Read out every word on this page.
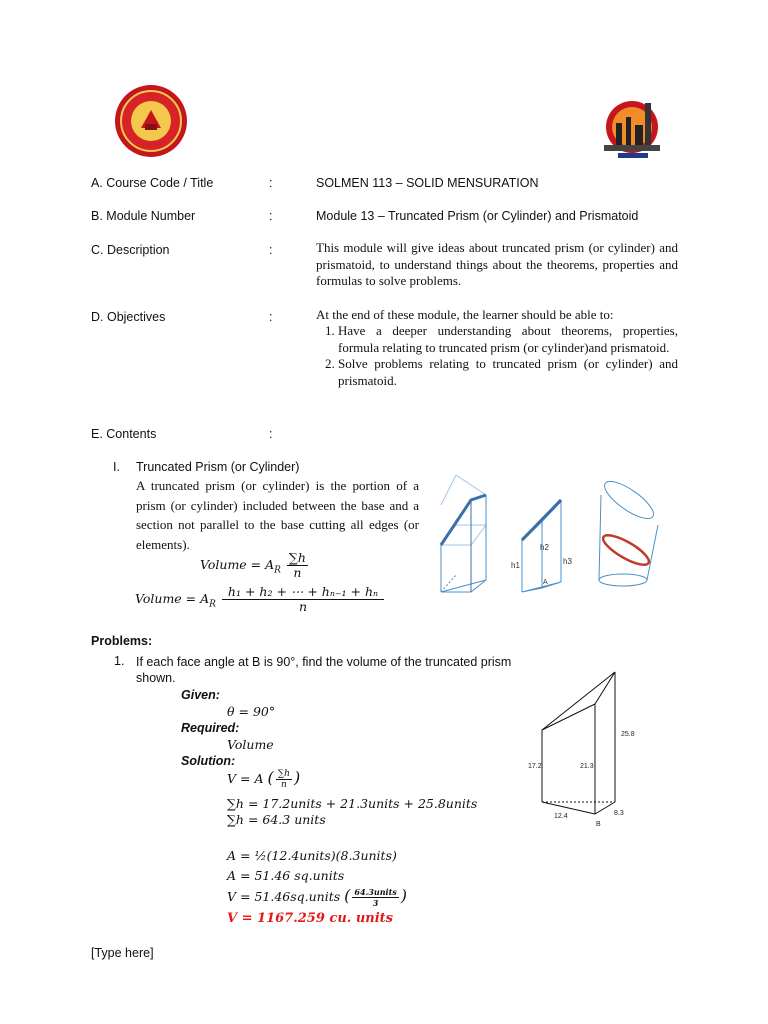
A. Course Code / Title	:	SOLMEN 113 – SOLID MENSURATION
B. Module Number	:	Module 13 – Truncated Prism (or Cylinder) and Prismatoid
C. Description	:	This module will give ideas about truncated prism (or cylinder) and prismatoid, to understand things about the theorems, properties and formulas to solve problems.
D. Objectives	:	At the end of these module, the learner should be able to:
1. Have a deeper understanding about theorems, properties, formula relating to truncated prism (or cylinder)and prismatoid.
2. Solve problems relating to truncated prism (or cylinder) and prismatoid.
E. Contents	:
I. Truncated Prism (or Cylinder)
A truncated prism (or cylinder) is the portion of a prism (or cylinder) included between the base and a section not parallel to the base cutting all edges (or elements).
Volume = $A_R \frac{\sum h}{n}$
Volume = $A_R \frac{\text{h₁ + h₂ + ⋯ + hₙ₋₁ + hₙ}}{n}$
h1
h2
h3
A
Problems:
1. If each face angle at B is 90°, find the volume of the truncated prism shown.
Given:
θ = 90°
Required:
Volume
Solution:
V = A ( $\frac{\sum h}{n}$ )
∑h = 17.2units + 21.3units + 25.8units
∑h = 64.3 units
A = ½(12.4units)(8.3units)
A = 51.46 sq.units
V = 51.46sq.units ( $\frac{\text{64.3units}}{3}$ )
V = 1167.259 cu. units
17.2	21.3
25.8
12.4	8.3
B
[Type here]
